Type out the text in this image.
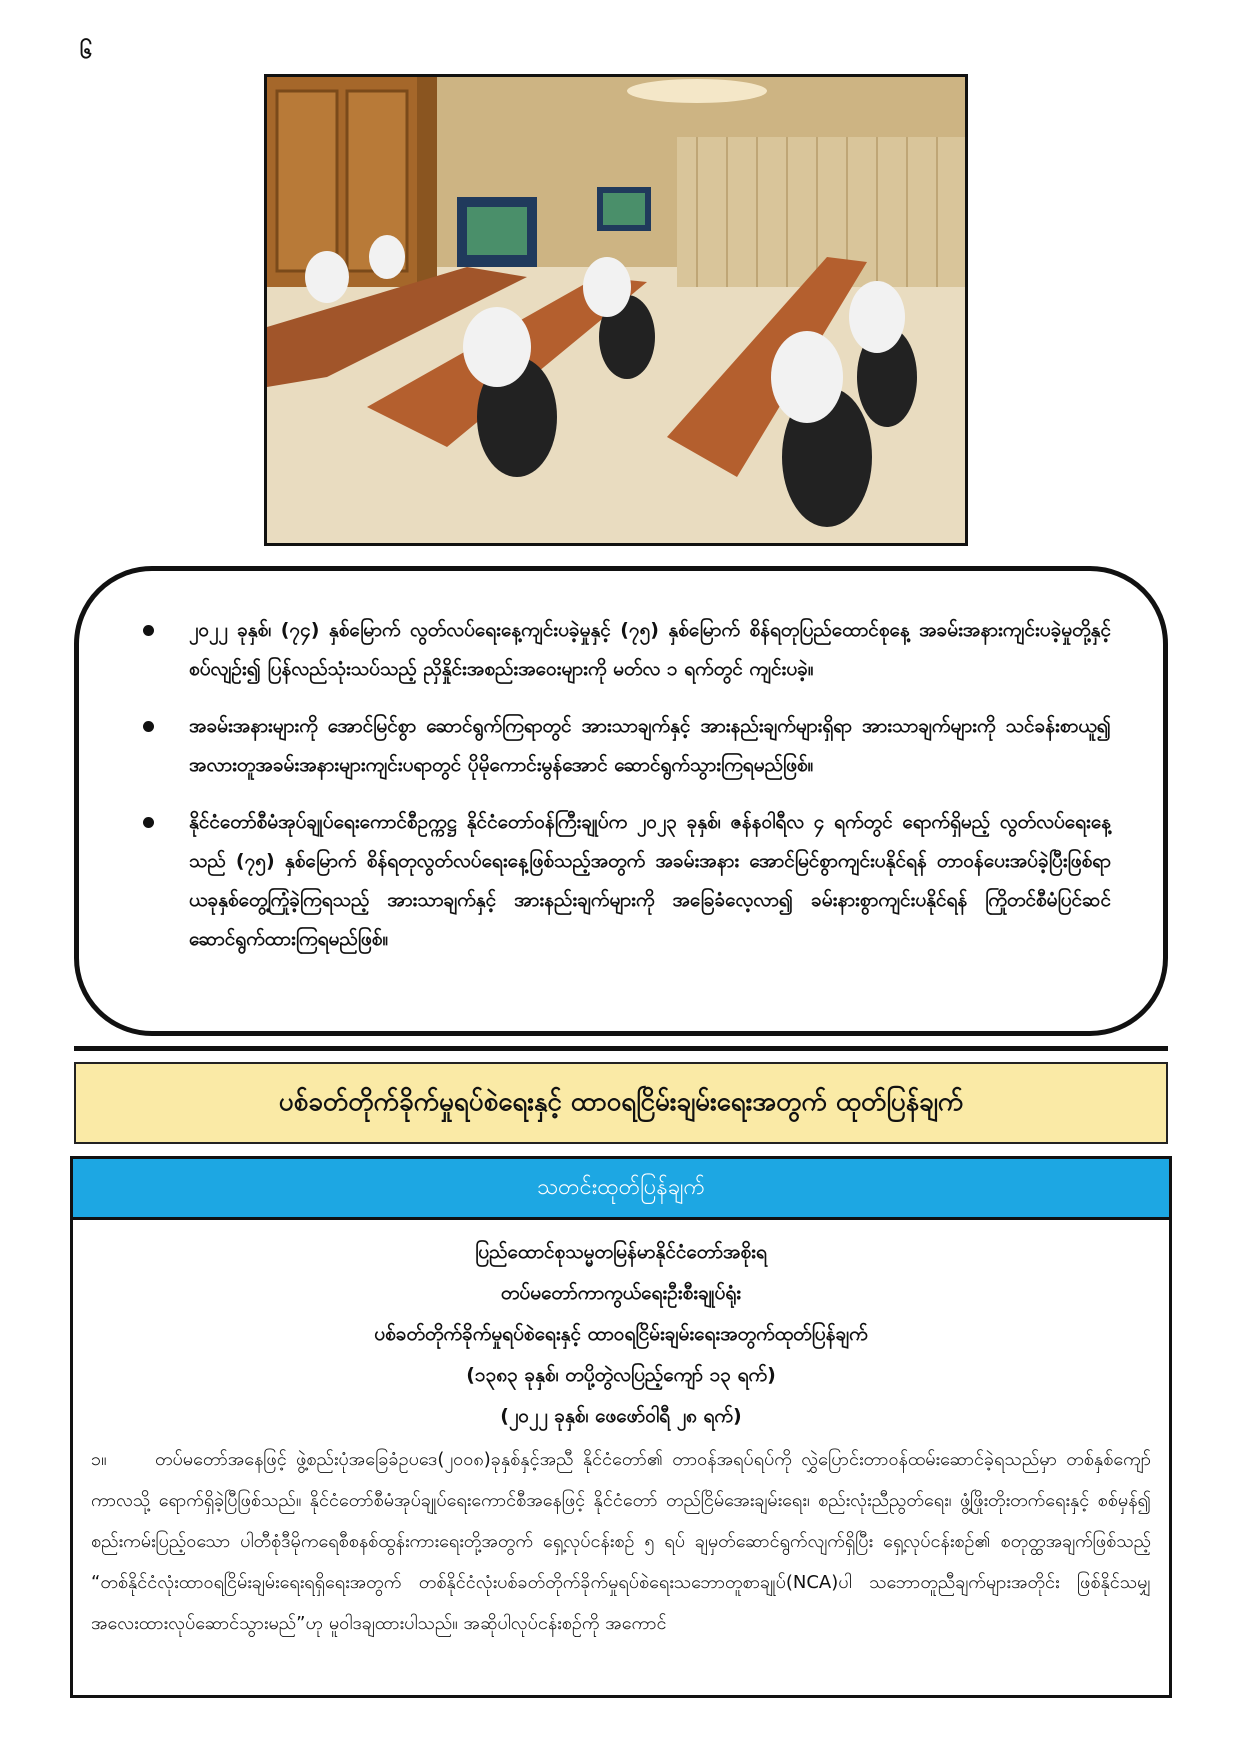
၆
၂၀၂၂ ခုနှစ်၊ (၇၄) နှစ်မြောက် လွတ်လပ်ရေးနေ့ကျင်းပခဲ့မှုနှင့် (၇၅) နှစ်မြောက် စိန်ရတုပြည်ထောင်စုနေ့ အခမ်းအနားကျင်းပခဲ့မှုတို့နှင့်စပ်လျဉ်း၍ ပြန်လည်သုံးသပ်သည့် ညှိနှိုင်းအစည်းအဝေးများကို မတ်လ ၁ ရက်တွင် ကျင်းပခဲ့။
အခမ်းအနားများကို အောင်မြင်စွာ ဆောင်ရွက်ကြရာတွင် အားသာချက်နှင့် အားနည်းချက်များရှိရာ အားသာချက်များကို သင်ခန်းစာယူ၍ အလားတူအခမ်းအနားများကျင်းပရာတွင် ပိုမိုကောင်းမွန်အောင် ဆောင်ရွက်သွားကြရမည်ဖြစ်။
နိုင်ငံတော်စီမံအုပ်ချုပ်ရေးကောင်စီဥက္ကဋ္ဌ နိုင်ငံတော်ဝန်ကြီးချုပ်က ၂၀၂၃ ခုနှစ်၊ ဇန်နဝါရီလ ၄ ရက်တွင် ရောက်ရှိမည့် လွတ်လပ်ရေးနေ့သည် (၇၅) နှစ်မြောက် စိန်ရတုလွတ်လပ်ရေးနေ့ဖြစ်သည့်အတွက် အခမ်းအနား အောင်မြင်စွာကျင်းပနိုင်ရန် တာဝန်ပေးအပ်ခဲ့ပြီးဖြစ်ရာ ယခုနှစ်တွေ့ကြုံခဲ့ကြရသည့် အားသာချက်နှင့် အားနည်းချက်များကို အခြေခံလေ့လာ၍ ခမ်းနားစွာကျင်းပနိုင်ရန် ကြိုတင်စီမံပြင်ဆင်ဆောင်ရွက်ထားကြရမည်ဖြစ်။
ပစ်ခတ်တိုက်ခိုက်မှုရပ်စဲရေးနှင့် ထာဝရငြိမ်းချမ်းရေးအတွက် ထုတ်ပြန်ချက်
သတင်းထုတ်ပြန်ချက်
ပြည်ထောင်စုသမ္မတမြန်မာနိုင်ငံတော်အစိုးရ
တပ်မတော်ကာကွယ်ရေးဦးစီးချုပ်ရုံး
ပစ်ခတ်တိုက်ခိုက်မှုရပ်စဲရေးနှင့် ထာဝရငြိမ်းချမ်းရေးအတွက်ထုတ်ပြန်ချက်
(၁၃၈၃ ခုနှစ်၊ တပို့တွဲလပြည့်ကျော် ၁၃ ရက်)
(၂၀၂၂ ခုနှစ်၊ ဖေဖော်ဝါရီ ၂၈ ရက်)
၁။	တပ်မတော်အနေဖြင့် ဖွဲ့စည်းပုံအခြေခံဥပဒေ(၂၀၀၈)ခုနှစ်နှင့်အညီ နိုင်ငံတော်၏ တာဝန်အရပ်ရပ်ကို လွှဲပြောင်းတာဝန်ထမ်းဆောင်ခဲ့ရသည်မှာ တစ်နှစ်ကျော်ကာလသို့ ရောက်ရှိခဲ့ပြီဖြစ်သည်။ နိုင်ငံတော်စီမံအုပ်ချုပ်ရေးကောင်စီအနေဖြင့် နိုင်ငံတော် တည်ငြိမ်အေးချမ်းရေး၊ စည်းလုံးညီညွတ်ရေး၊ ဖွံ့ဖြိုးတိုးတက်ရေးနှင့် စစ်မှန်၍ စည်းကမ်းပြည့်ဝသော ပါတီစုံဒီမိုကရေစီစနစ်ထွန်းကားရေးတို့အတွက် ရှေ့လုပ်ငန်းစဉ် ၅ ရပ် ချမှတ်ဆောင်ရွက်လျက်ရှိပြီး ရှေ့လုပ်ငန်းစဉ်၏ စတုတ္ထအချက်ဖြစ်သည့် “တစ်နိုင်ငံလုံးထာဝရငြိမ်းချမ်းရေးရရှိရေးအတွက် တစ်နိုင်ငံလုံးပစ်ခတ်တိုက်ခိုက်မှုရပ်စဲရေးသဘောတူစာချုပ်(NCA)ပါ သဘောတူညီချက်များအတိုင်း ဖြစ်နိုင်သမျှအလေးထားလုပ်ဆောင်သွားမည်”ဟု မူဝါဒချထားပါသည်။ အဆိုပါလုပ်ငန်းစဉ်ကို အကောင်
